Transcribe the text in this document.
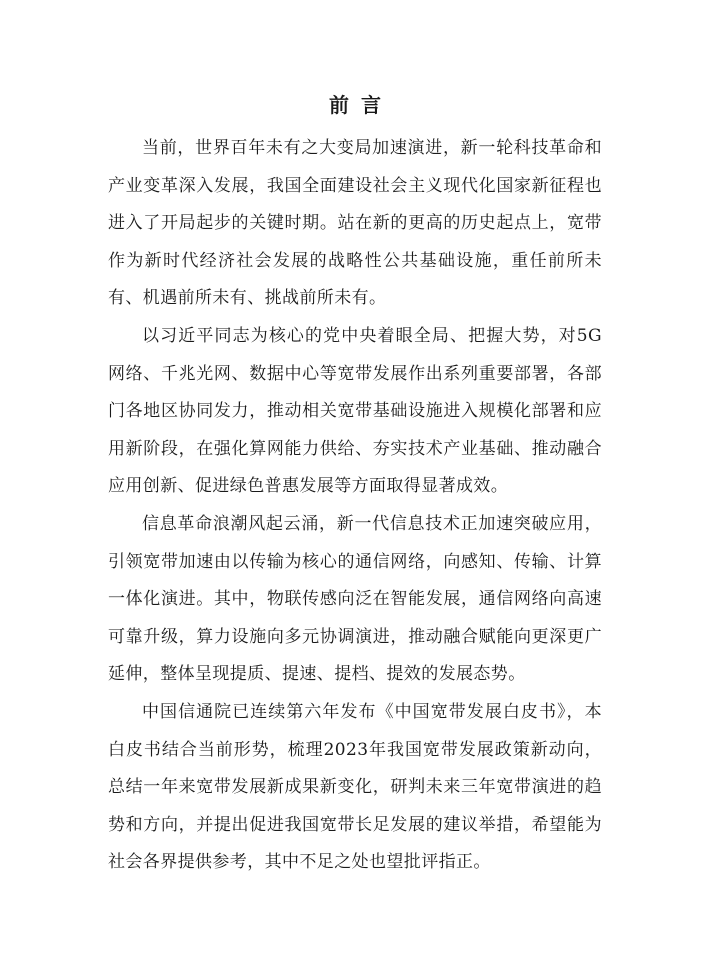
前言

当前，世界百年未有之大变局加速演进，新一轮科技革命和产业变革深入发展，我国全面建设社会主义现代化国家新征程也进入了开局起步的关键时期。站在新的更高的历史起点上，宽带作为新时代经济社会发展的战略性公共基础设施，重任前所未有、机遇前所未有、挑战前所未有。

以习近平同志为核心的党中央着眼全局、把握大势，对5G网络、千兆光网、数据中心等宽带发展作出系列重要部署，各部门各地区协同发力，推动相关宽带基础设施进入规模化部署和应用新阶段，在强化算网能力供给、夯实技术产业基础、推动融合应用创新、促进绿色普惠发展等方面取得显著成效。

信息革命浪潮风起云涌，新一代信息技术正加速突破应用，引领宽带加速由以传输为核心的通信网络，向感知、传输、计算一体化演进。其中，物联传感向泛在智能发展，通信网络向高速可靠升级，算力设施向多元协调演进，推动融合赋能向更深更广延伸，整体呈现提质、提速、提档、提效的发展态势。

中国信通院已连续第六年发布《中国宽带发展白皮书》，本白皮书结合当前形势，梳理2023年我国宽带发展政策新动向，总结一年来宽带发展新成果新变化，研判未来三年宽带演进的趋势和方向，并提出促进我国宽带长足发展的建议举措，希望能为社会各界提供参考，其中不足之处也望批评指正。
